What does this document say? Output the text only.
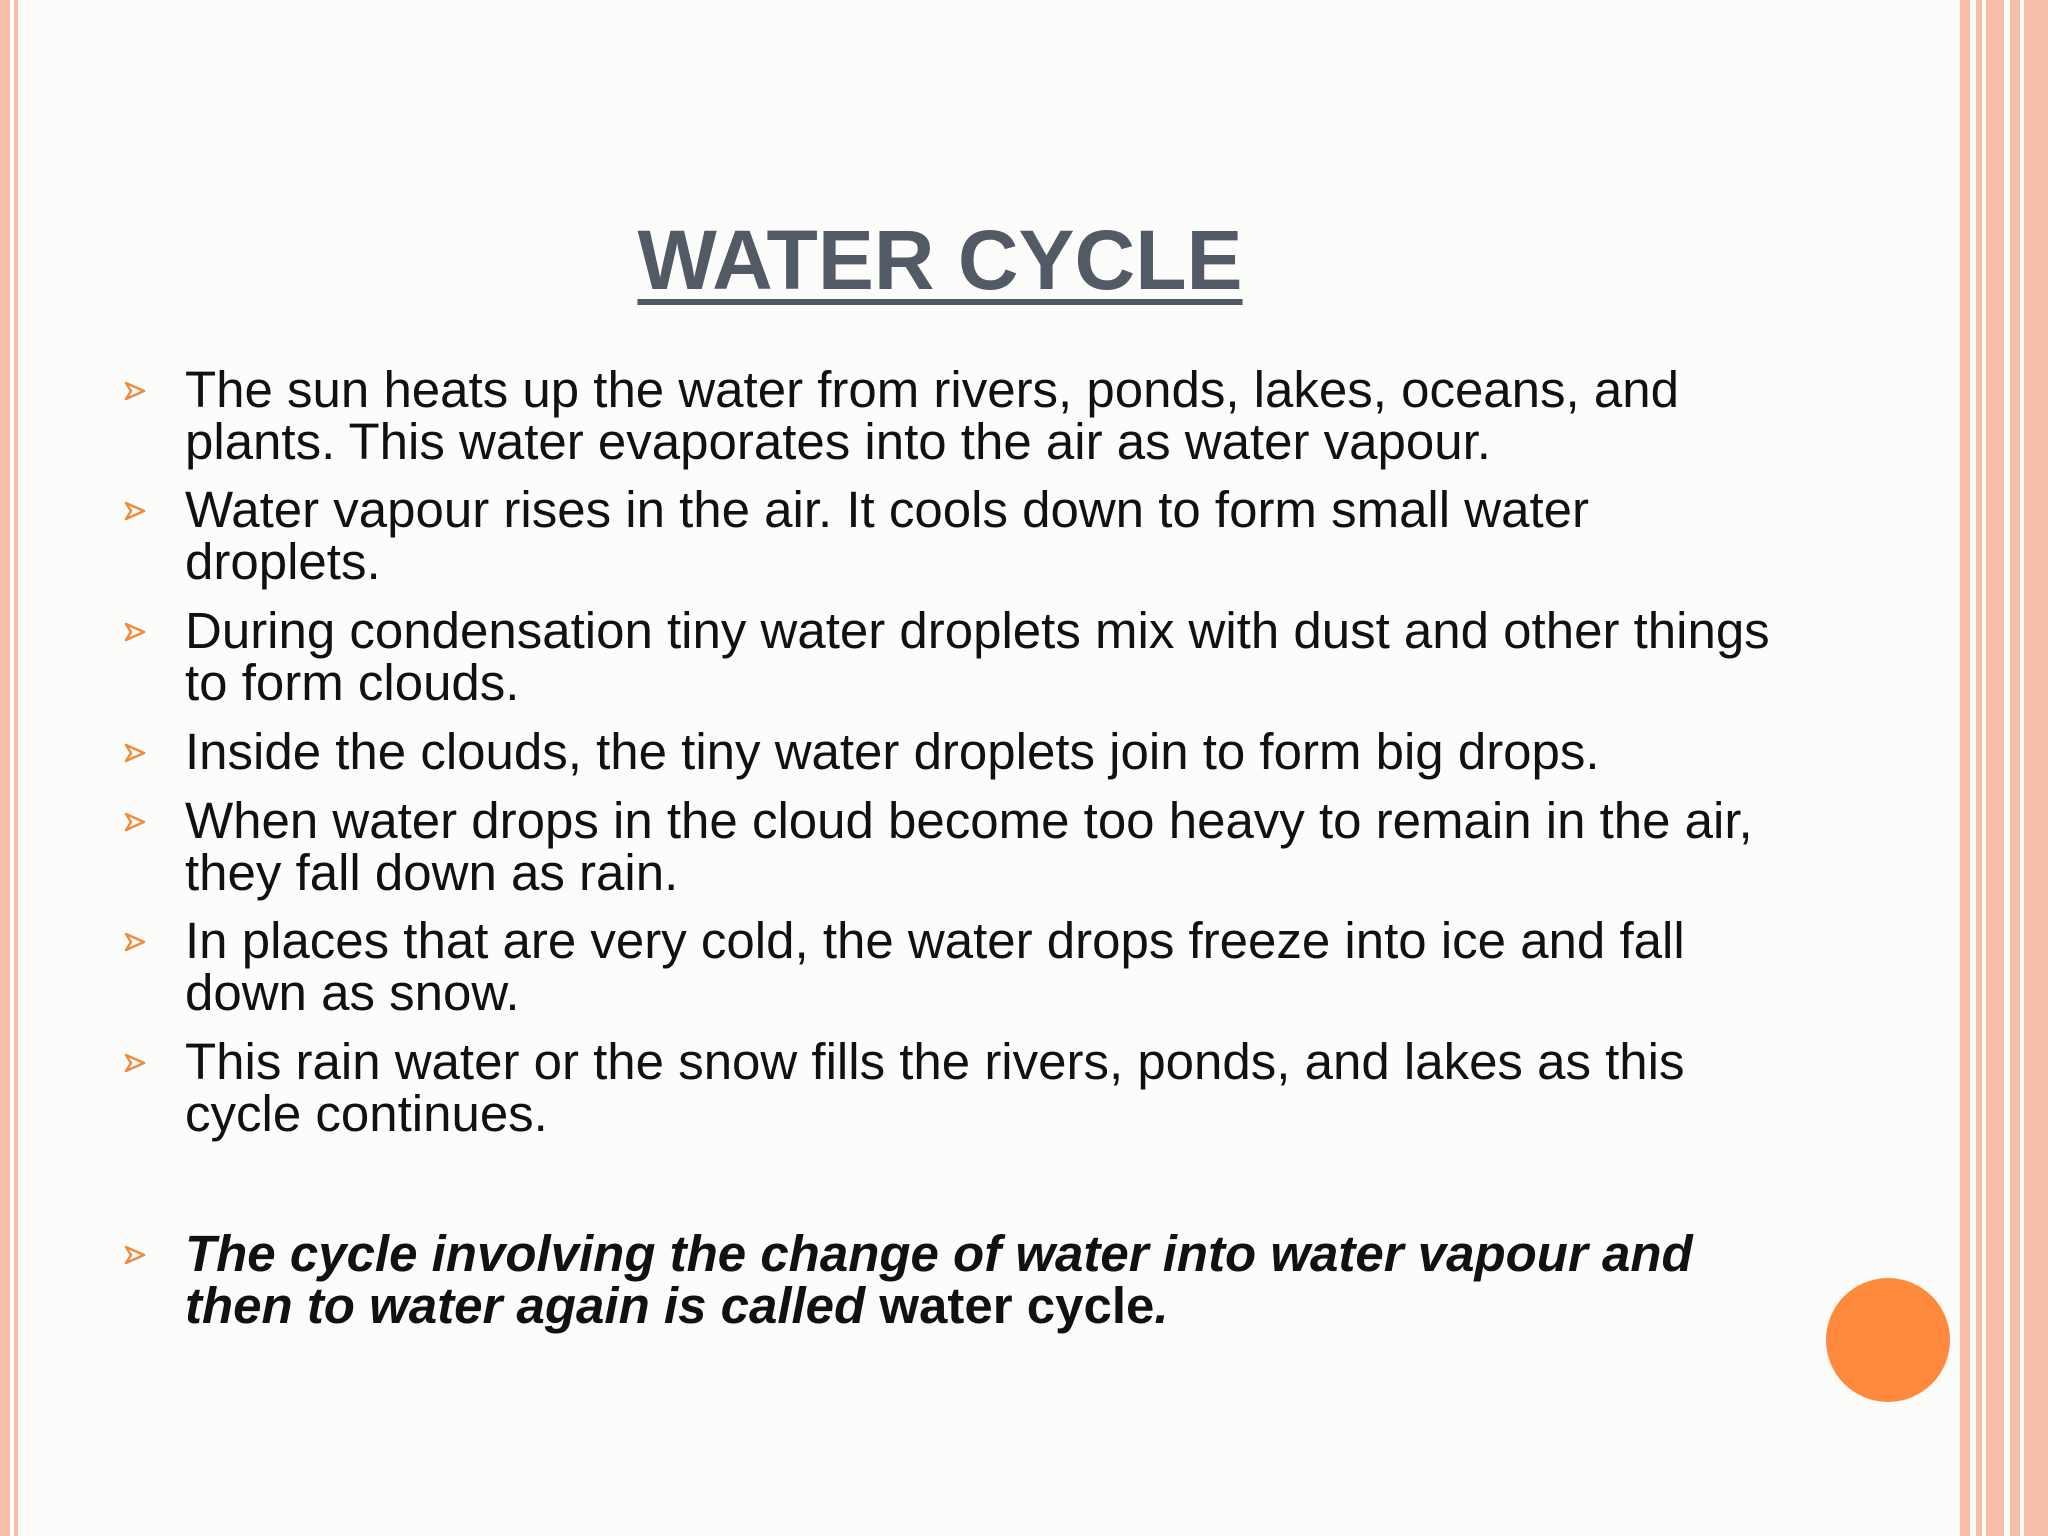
WATER CYCLE
The sun heats up the water from rivers, ponds, lakes, oceans, and plants. This water evaporates into the air as water vapour.
Water vapour rises in the air. It cools down to form small water droplets.
During condensation tiny water droplets mix with dust and other things to form clouds.
Inside the clouds, the tiny water droplets join to form big drops.
When water drops in the cloud become too heavy to remain in the air, they fall down as rain.
In places that are very cold, the water drops freeze into ice and fall down as snow.
This rain water or the snow fills the rivers, ponds, and lakes as this cycle continues.
The cycle involving the change of water into water vapour and then to water again is called water cycle.
